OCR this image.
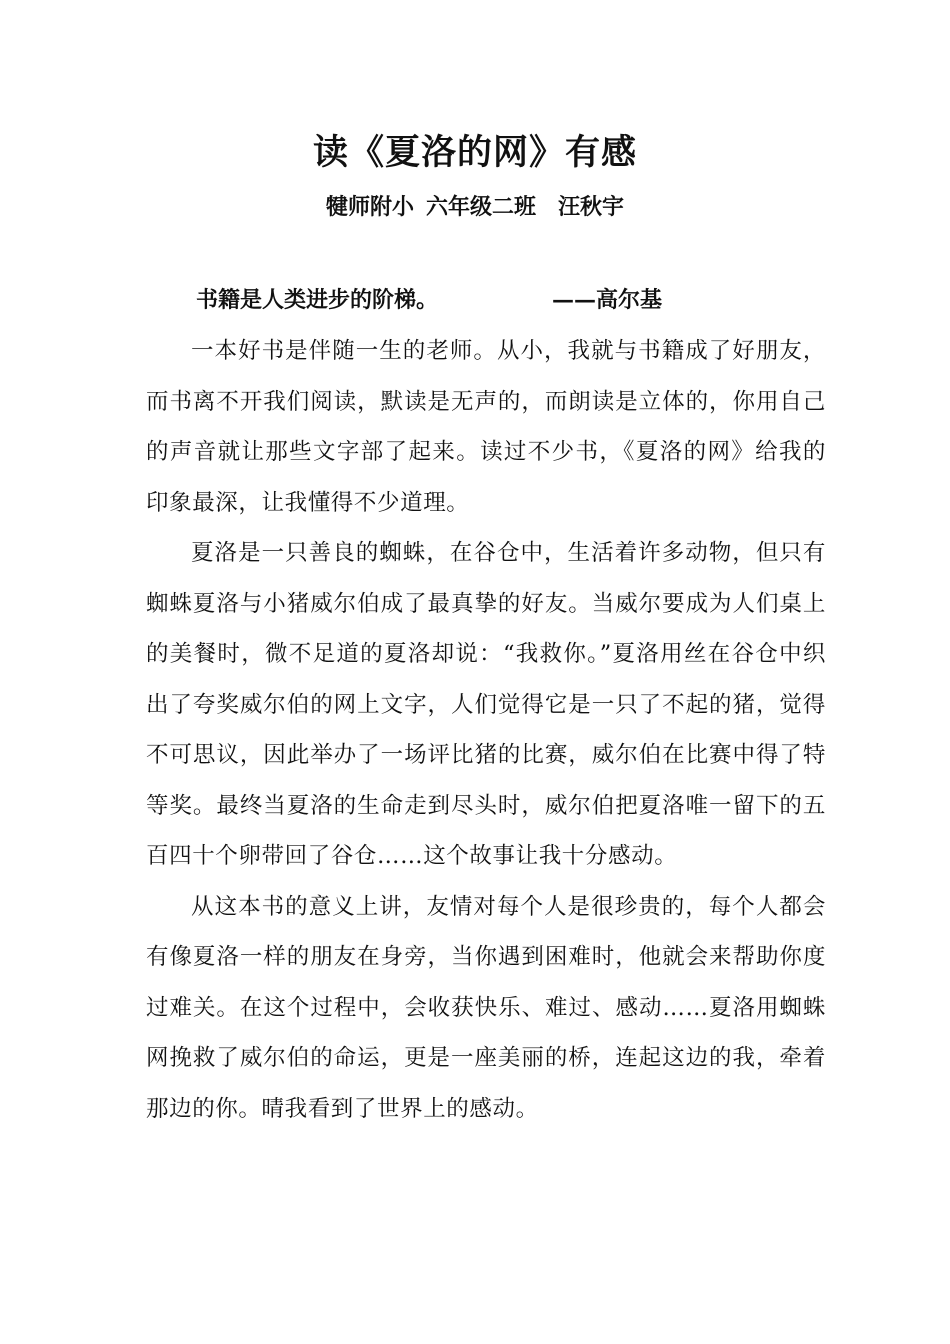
读《夏洛的网》有感
犍师附小 六年级二班 汪秋宇
书籍是人类进步的阶梯。	——高尔基

一本好书是伴随一生的老师。从小，我就与书籍成了好朋友，而书离不开我们阅读，默读是无声的，而朗读是立体的，你用自己的声音就让那些文字部了起来。读过不少书，《夏洛的网》给我的印象最深，让我懂得不少道理。

夏洛是一只善良的蜘蛛，在谷仓中，生活着许多动物，但只有蜘蛛夏洛与小猪威尔伯成了最真挚的好友。当威尔要成为人们桌上的美餐时，微不足道的夏洛却说：“我救你。”夏洛用丝在谷仓中织出了夸奖威尔伯的网上文字，人们觉得它是一只了不起的猪，觉得不可思议，因此举办了一场评比猪的比赛，威尔伯在比赛中得了特等奖。最终当夏洛的生命走到尽头时，威尔伯把夏洛唯一留下的五百四十个卵带回了谷仓……这个故事让我十分感动。

从这本书的意义上讲，友情对每个人是很珍贵的，每个人都会有像夏洛一样的朋友在身旁，当你遇到困难时，他就会来帮助你度过难关。在这个过程中，会收获快乐、难过、感动……夏洛用蜘蛛网挽救了威尔伯的命运，更是一座美丽的桥，连起这边的我，牵着那边的你。晴我看到了世界上的感动。
